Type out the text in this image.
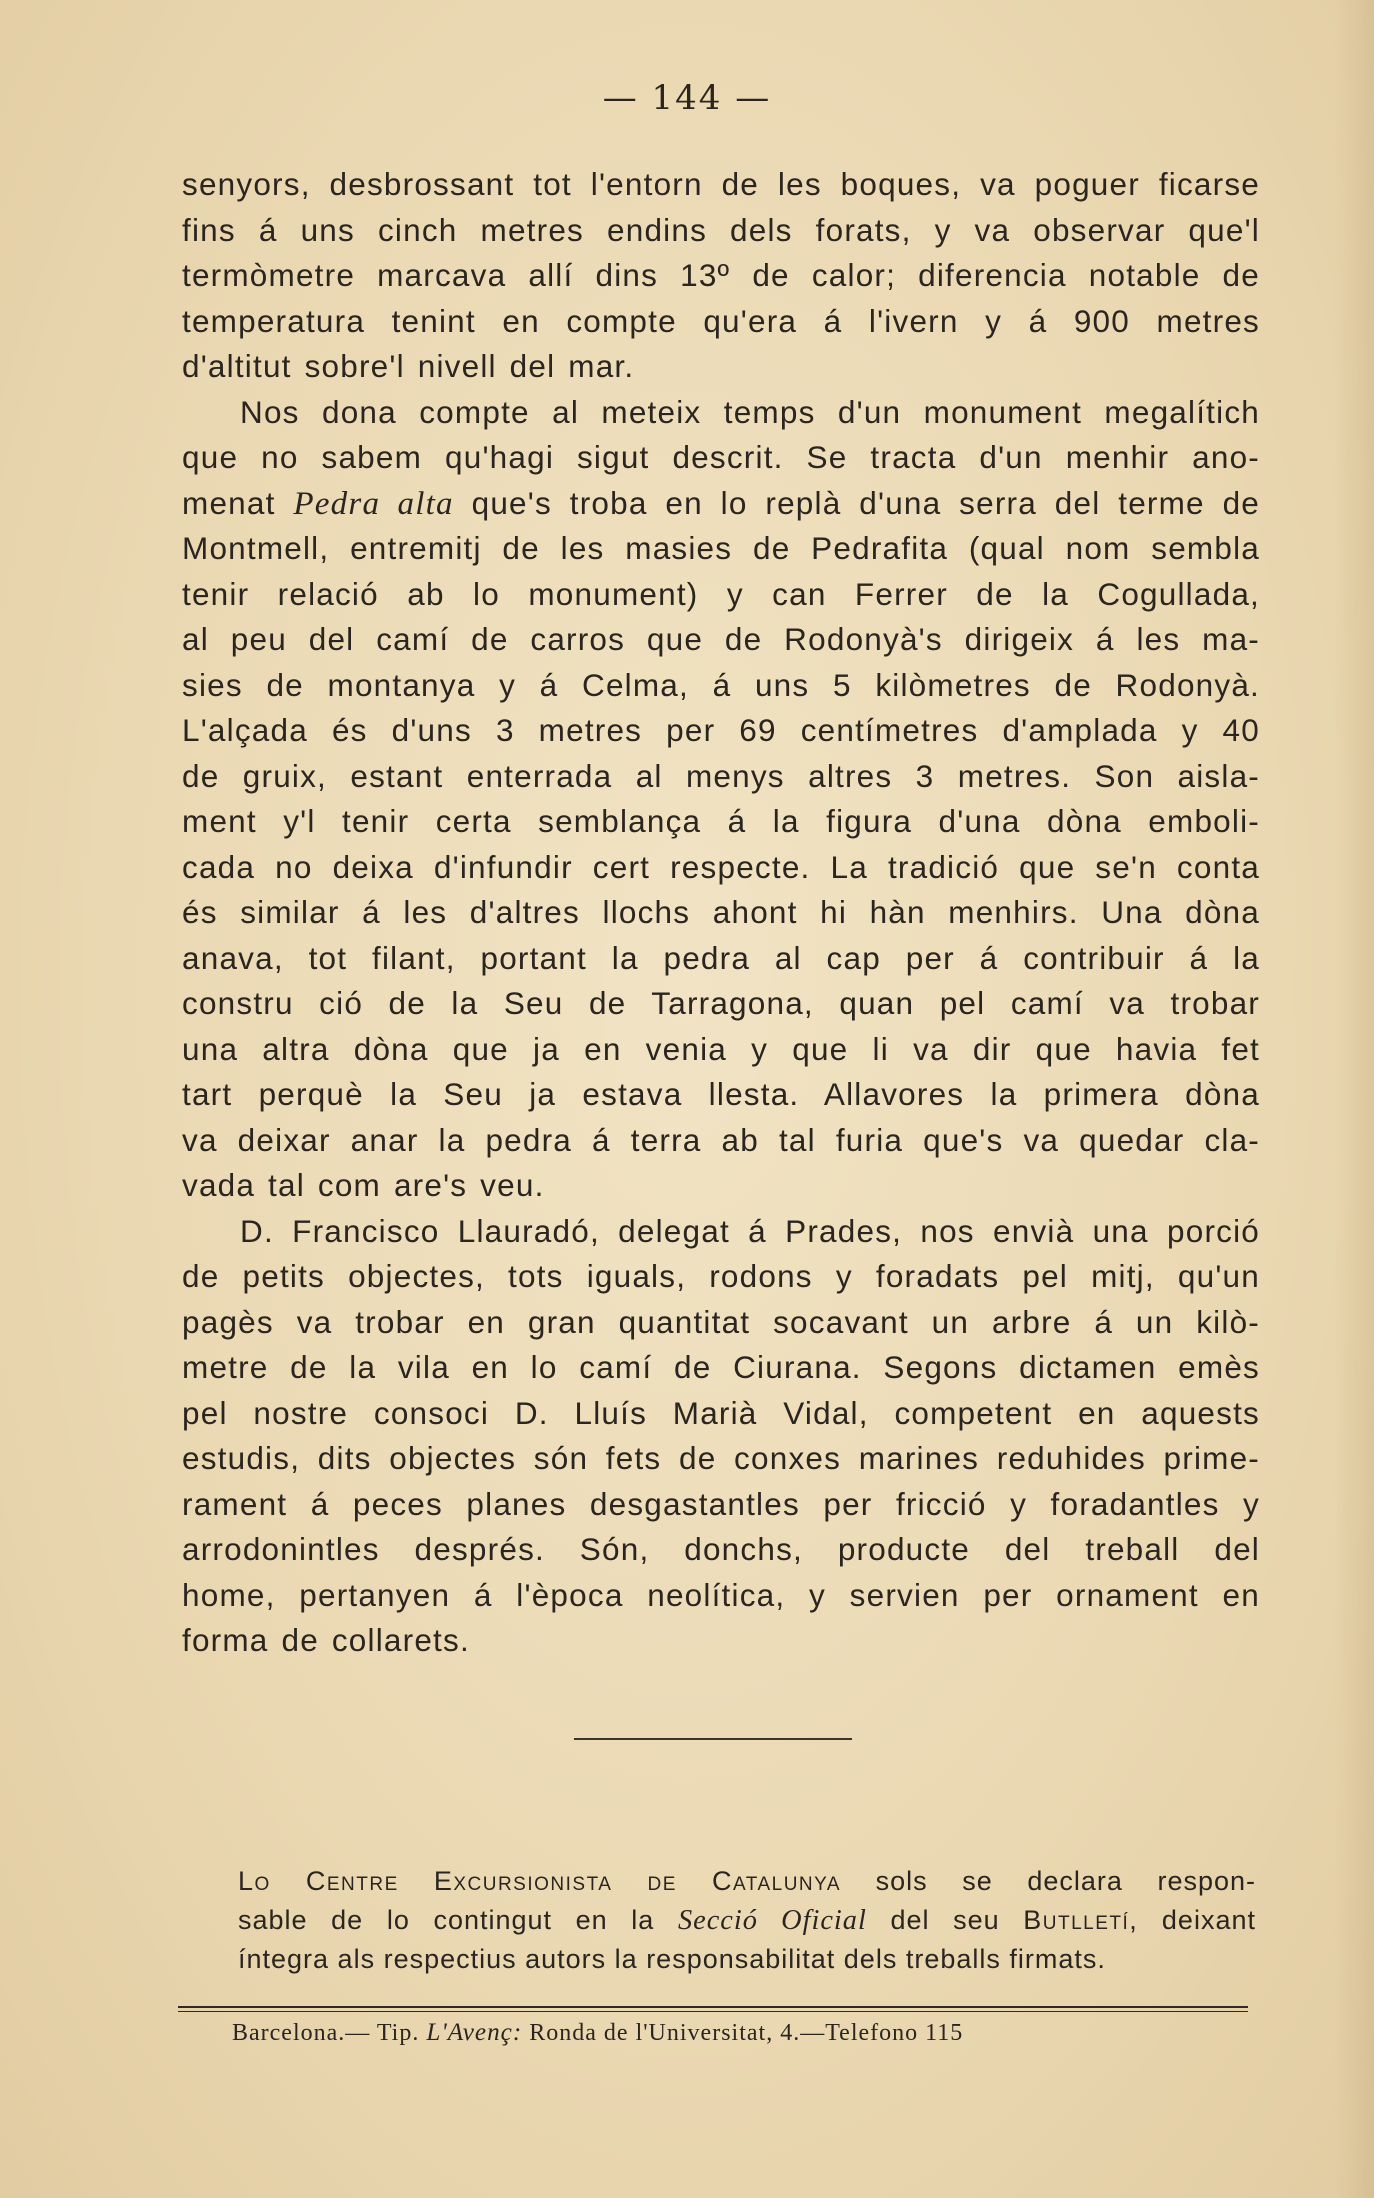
— 144 —
senyors, desbrossant tot l'entorn de les boques, va poguer ficarse
fins á uns cinch metres endins dels forats, y va observar que'l
termòmetre marcava allí dins 13º de calor; diferencia notable de
temperatura tenint en compte qu'era á l'ivern y á 900 metres
d'altitut sobre'l nivell del mar.
Nos dona compte al meteix temps d'un monument megalítich
que no sabem qu'hagi sigut descrit. Se tracta d'un menhir ano-
menat Pedra alta que's troba en lo replà d'una serra del terme de
Montmell, entremitj de les masies de Pedrafita (qual nom sembla
tenir relació ab lo monument) y can Ferrer de la Cogullada,
al peu del camí de carros que de Rodonyà's dirigeix á les ma-
sies de montanya y á Celma, á uns 5 kilòmetres de Rodonyà.
L'alçada és d'uns 3 metres per 69 centímetres d'amplada y 40
de gruix, estant enterrada al menys altres 3 metres. Son aisla-
ment y'l tenir certa semblança á la figura d'una dòna emboli-
cada no deixa d'infundir cert respecte. La tradició que se'n conta
és similar á les d'altres llochs ahont hi hàn menhirs. Una dòna
anava, tot filant, portant la pedra al cap per á contribuir á la
constru ció de la Seu de Tarragona, quan pel camí va trobar
una altra dòna que ja en venia y que li va dir que havia fet
tart perquè la Seu ja estava llesta. Allavores la primera dòna
va deixar anar la pedra á terra ab tal furia que's va quedar cla-
vada tal com are's veu.
D. Francisco Llauradó, delegat á Prades, nos envià una porció
de petits objectes, tots iguals, rodons y foradats pel mitj, qu'un
pagès va trobar en gran quantitat socavant un arbre á un kilò-
metre de la vila en lo camí de Ciurana. Segons dictamen emès
pel nostre consoci D. Lluís Marià Vidal, competent en aquests
estudis, dits objectes són fets de conxes marines reduhides prime-
rament á peces planes desgastantles per fricció y foradantles y
arrodonintles després. Són, donchs, producte del treball del
home, pertanyen á l'època neolítica, y servien per ornament en
forma de collarets.
Lo Centre Excursionista de Catalunya sols se declara respon-
sable de lo contingut en la Secció Oficial del seu Butlletí, deixant
íntegra als respectius autors la responsabilitat dels treballs firmats.
Barcelona.— Tip. L'Avenç: Ronda de l'Universitat, 4.—Telefono 115
